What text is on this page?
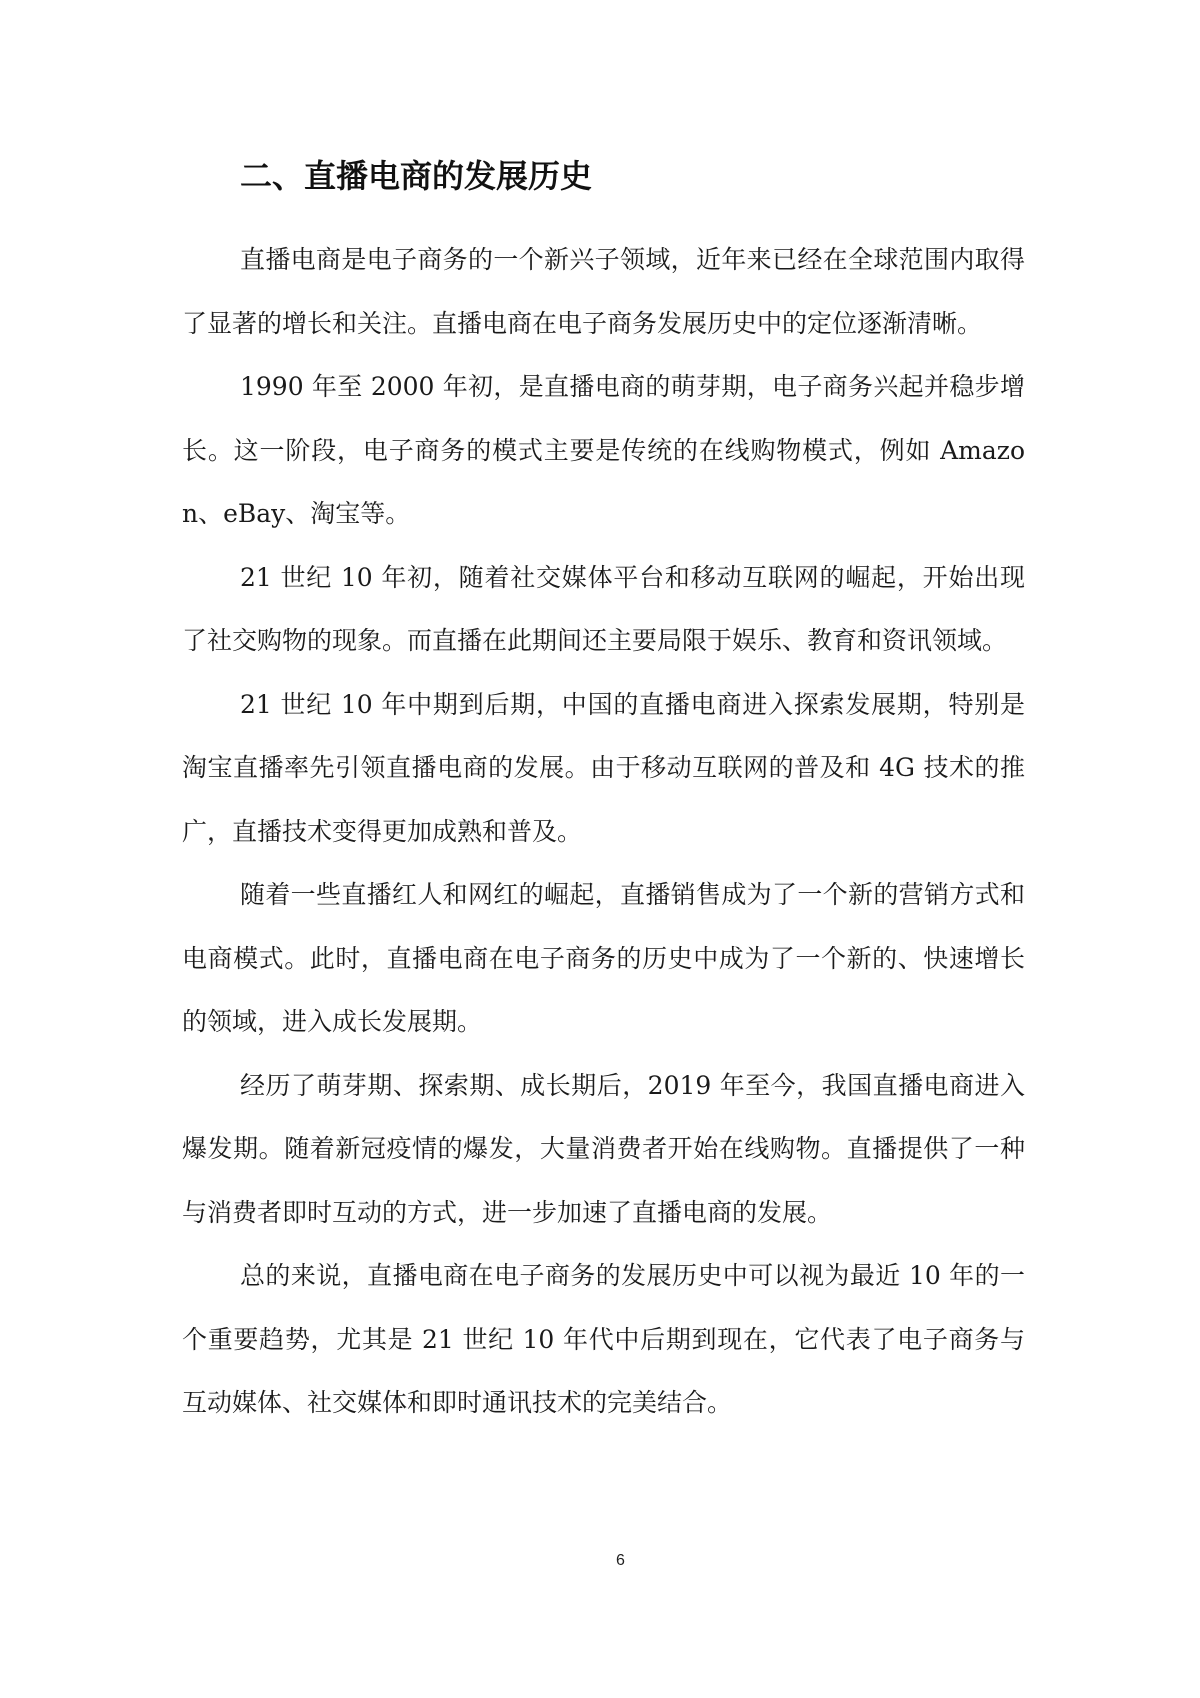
二、直播电商的发展历史

直播电商是电子商务的一个新兴子领域，近年来已经在全球范围内取得了显著的增长和关注。直播电商在电子商务发展历史中的定位逐渐清晰。

1990 年至 2000 年初，是直播电商的萌芽期，电子商务兴起并稳步增长。这一阶段，电子商务的模式主要是传统的在线购物模式，例如 Amazon、eBay、淘宝等。

21 世纪 10 年初，随着社交媒体平台和移动互联网的崛起，开始出现了社交购物的现象。而直播在此期间还主要局限于娱乐、教育和资讯领域。

21 世纪 10 年中期到后期，中国的直播电商进入探索发展期，特别是淘宝直播率先引领直播电商的发展。由于移动互联网的普及和 4G 技术的推广，直播技术变得更加成熟和普及。

随着一些直播红人和网红的崛起，直播销售成为了一个新的营销方式和电商模式。此时，直播电商在电子商务的历史中成为了一个新的、快速增长的领域，进入成长发展期。

经历了萌芽期、探索期、成长期后，2019 年至今，我国直播电商进入爆发期。随着新冠疫情的爆发，大量消费者开始在线购物。直播提供了一种与消费者即时互动的方式，进一步加速了直播电商的发展。

总的来说，直播电商在电子商务的发展历史中可以视为最近 10 年的一个重要趋势，尤其是 21 世纪 10 年代中后期到现在，它代表了电子商务与互动媒体、社交媒体和即时通讯技术的完美结合。

6
